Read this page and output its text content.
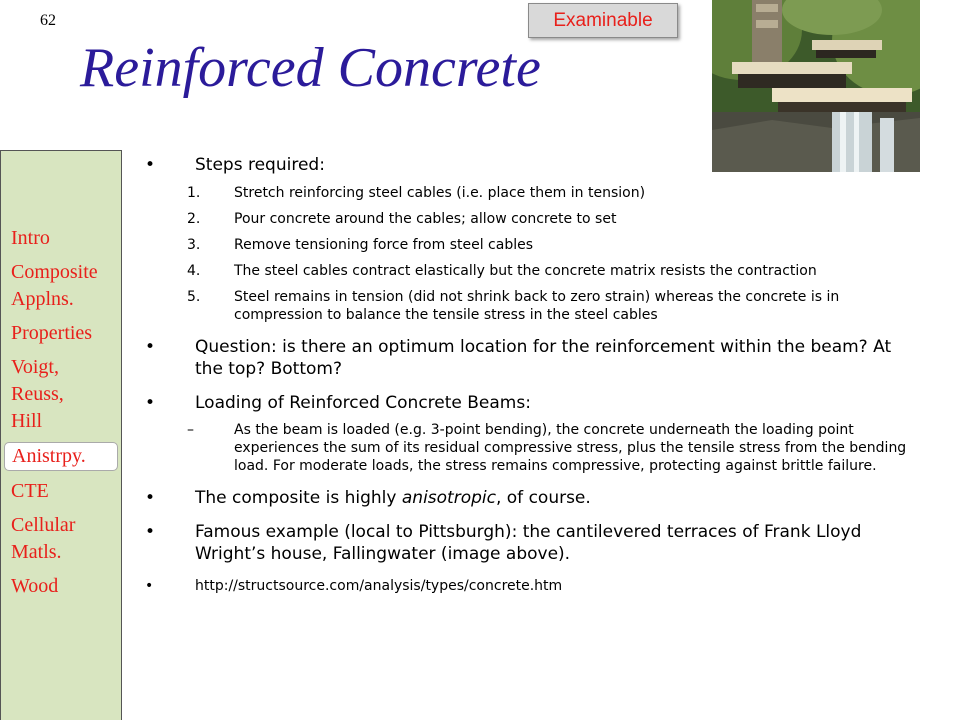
62	Examinable
Reinforced Concrete
Intro
Composite
Applns.
Properties
Voigt,
Reuss,
Hill
Anistrpy.
CTE
Cellular
Matls.
Wood
• Steps required:
1. Stretch reinforcing steel cables (i.e. place them in tension)
2. Pour concrete around the cables; allow concrete to set
3. Remove tensioning force from steel cables
4. The steel cables contract elastically but the concrete matrix resists the contraction
5. Steel remains in tension (did not shrink back to zero strain) whereas the concrete is in compression to balance the tensile stress in the steel cables
• Question: is there an optimum location for the reinforcement within the beam? At the top? Bottom?
• Loading of Reinforced Concrete Beams:
–	As the beam is loaded (e.g. 3-point bending), the concrete underneath the loading point experiences the sum of its residual compressive stress, plus the tensile stress from the bending load. For moderate loads, the stress remains compressive, protecting against brittle failure.
• The composite is highly anisotropic, of course.
• Famous example (local to Pittsburgh): the cantilevered terraces of Frank Lloyd Wright’s house, Fallingwater (image above).
•	http://structsource.com/analysis/types/concrete.htm
